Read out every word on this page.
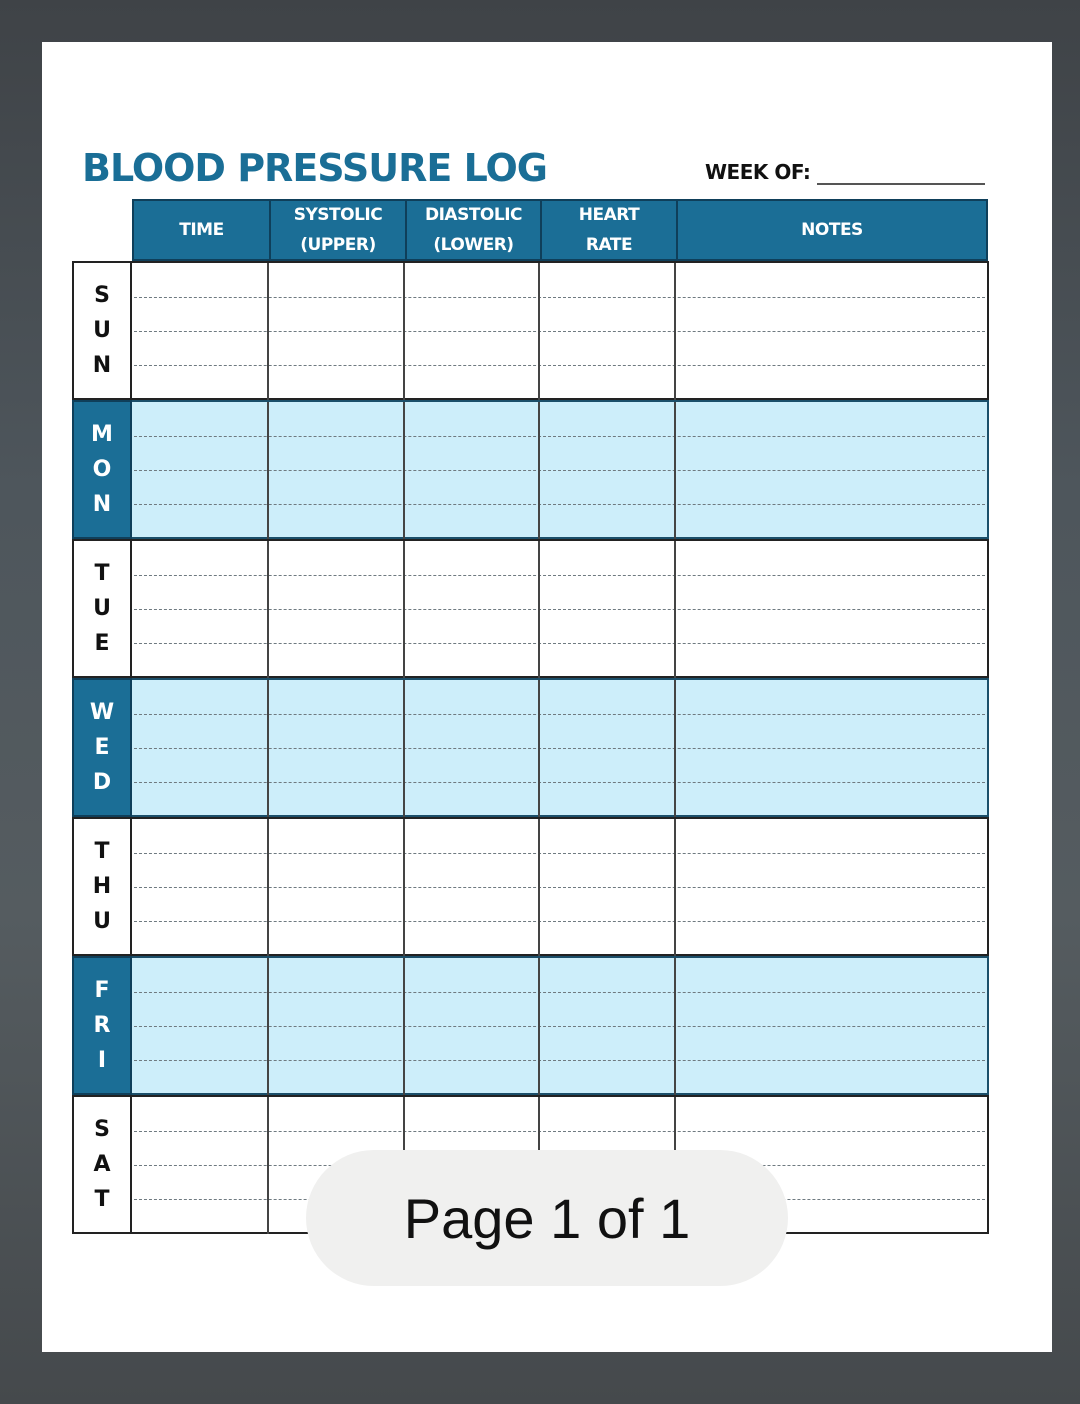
BLOOD PRESSURE LOG	WEEK OF:
TIME
SYSTOLIC
(UPPER)
DIASTOLIC
(LOWER)
HEART
RATE
NOTES
S
U
N
M
O
N
T
U
E
W
E
D
T
H
U
F
R
I
S
A
T	Page 1 of 1
